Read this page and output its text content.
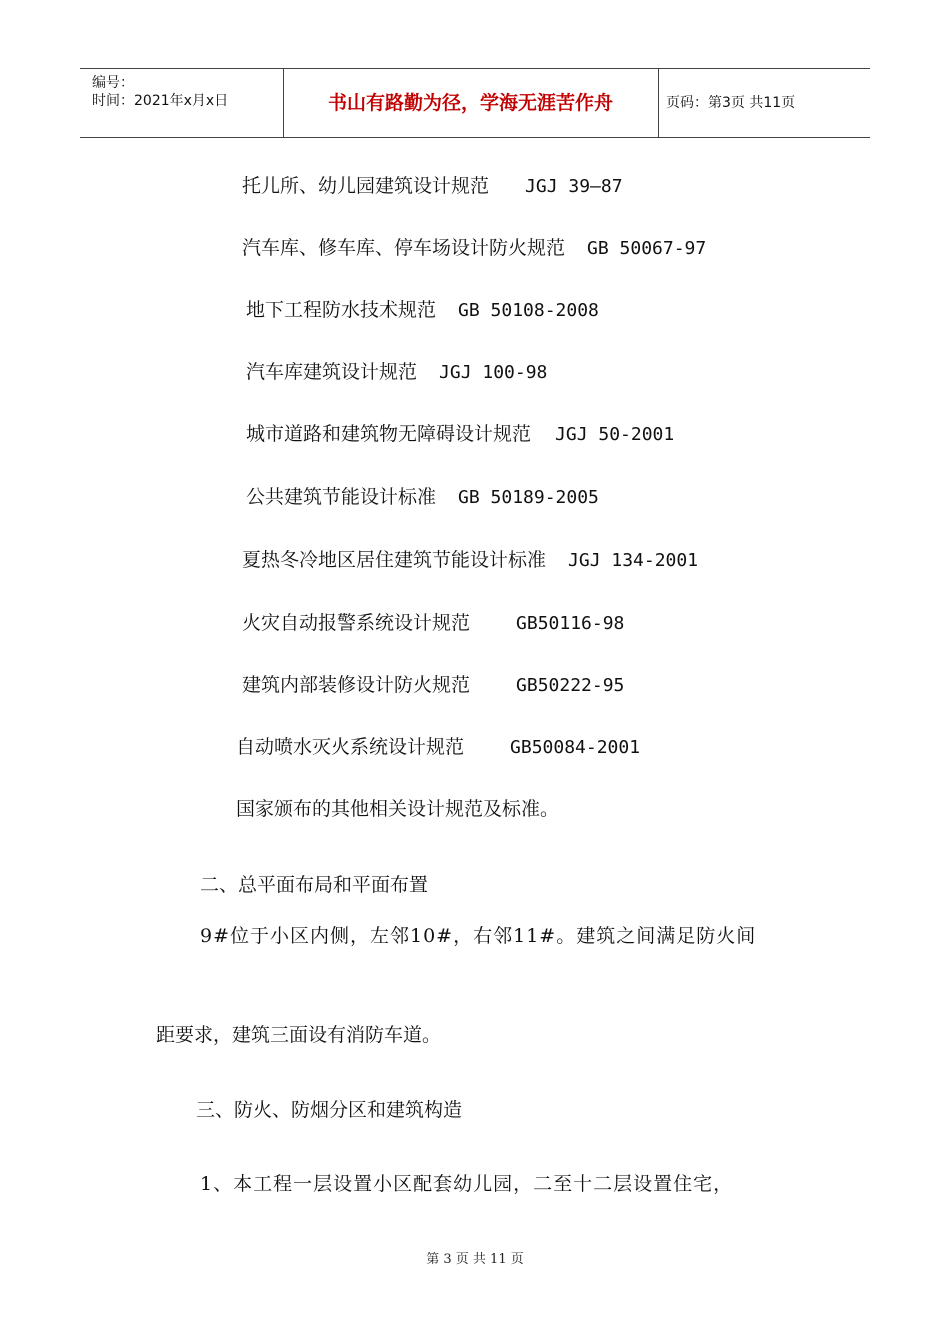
编号：
时间：2021年x月x日	书山有路勤为径，学海无涯苦作舟	页码：第3页 共11页
托儿所、幼儿园建筑设计规范 JGJ 39—87
汽车库、修车库、停车场设计防火规范 GB 50067-97
地下工程防水技术规范 GB 50108-2008
汽车库建筑设计规范 JGJ 100-98
城市道路和建筑物无障碍设计规范 JGJ 50-2001
公共建筑节能设计标准 GB 50189-2005
夏热冬冷地区居住建筑节能设计标准 JGJ 134-2001
火灾自动报警系统设计规范	GB50116-98
建筑内部装修设计防火规范	GB50222-95
自动喷水灭火系统设计规范	GB50084-2001
国家颁布的其他相关设计规范及标准。
二、总平面布局和平面布置
9#位于小区内侧，左邻10#，右邻11#。建筑之间满足防火间
距要求，建筑三面设有消防车道。
三、防火、防烟分区和建筑构造
1、本工程一层设置小区配套幼儿园，二至十二层设置住宅，
第 3 页 共 11 页
